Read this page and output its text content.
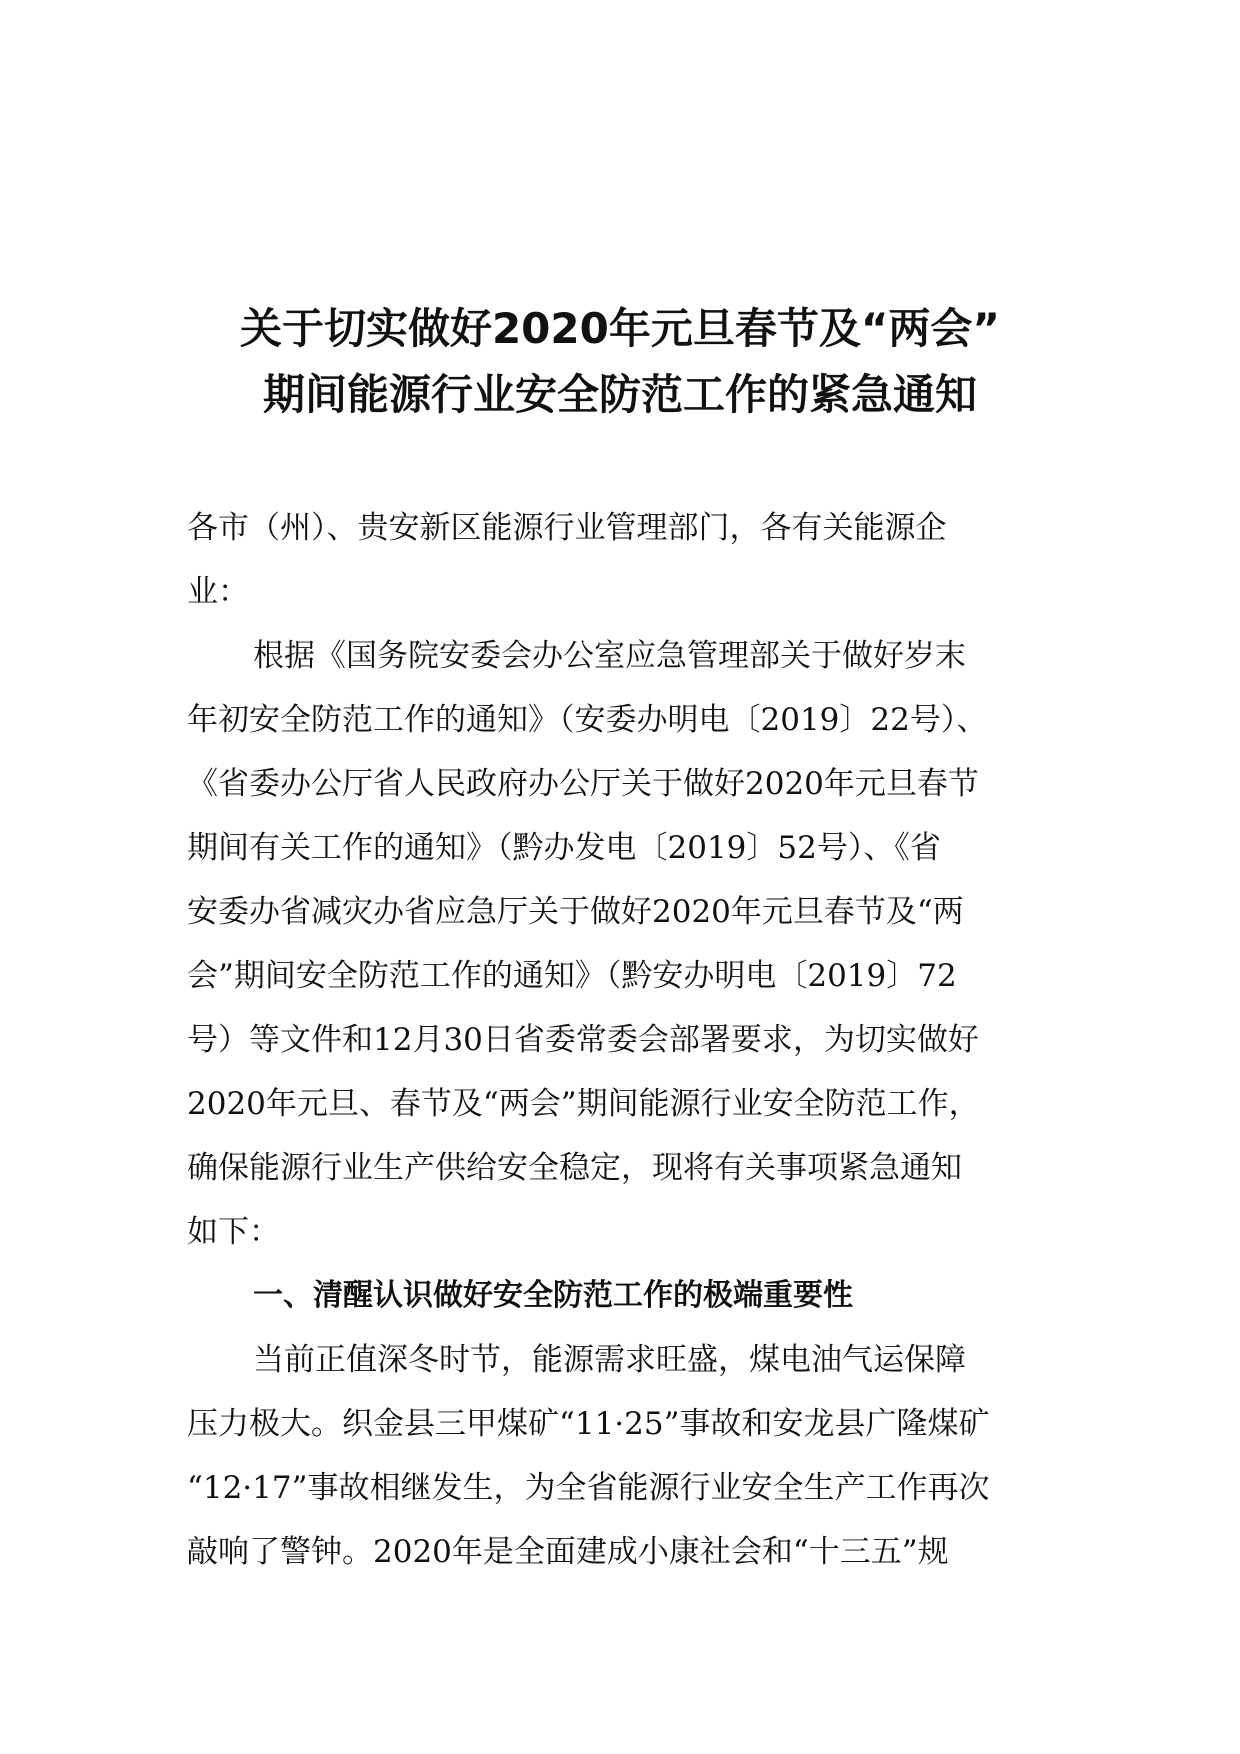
关于切实做好2020年元旦春节及“两会”
期间能源行业安全防范工作的紧急通知
各市（州）、贵安新区能源行业管理部门，各有关能源企
业：
根据《国务院安委会办公室应急管理部关于做好岁末
年初安全防范工作的通知》（安委办明电〔2019〕22号）、
《省委办公厅省人民政府办公厅关于做好2020年元旦春节
期间有关工作的通知》（黔办发电〔2019〕52号）、《省
安委办省减灾办省应急厅关于做好2020年元旦春节及“两
会”期间安全防范工作的通知》（黔安办明电〔2019〕72
号）等文件和12月30日省委常委会部署要求，为切实做好
2020年元旦、春节及“两会”期间能源行业安全防范工作，
确保能源行业生产供给安全稳定，现将有关事项紧急通知
如下：
一、清醒认识做好安全防范工作的极端重要性
当前正值深冬时节，能源需求旺盛，煤电油气运保障
压力极大。织金县三甲煤矿“11·25”事故和安龙县广隆煤矿
“12·17”事故相继发生，为全省能源行业安全生产工作再次
敲响了警钟。2020年是全面建成小康社会和“十三五”规
